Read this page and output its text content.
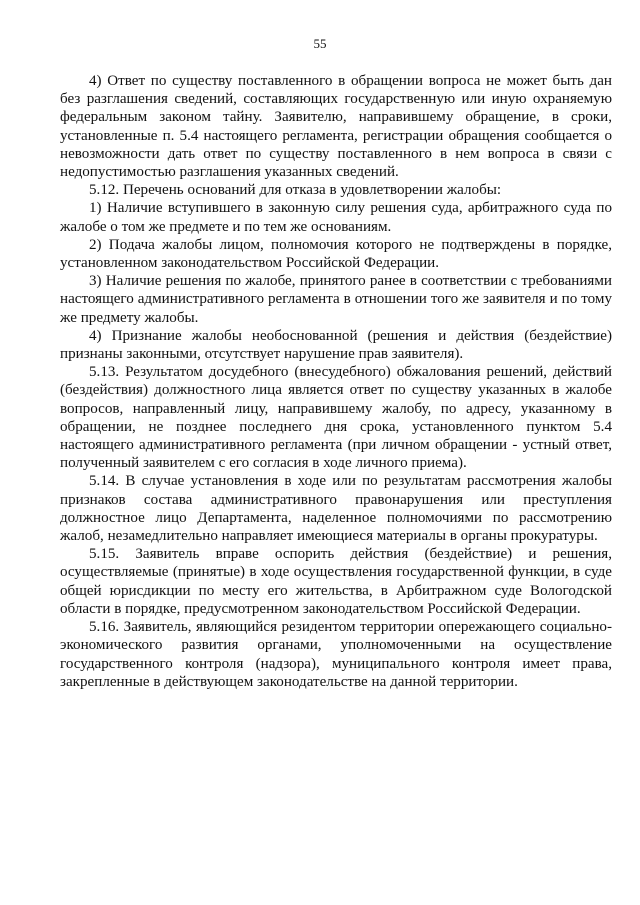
55

4) Ответ по существу поставленного в обращении вопроса не может быть дан без разглашения сведений, составляющих государственную или иную охраняемую федеральным законом тайну. Заявителю, направившему обращение, в сроки, установленные п. 5.4 настоящего регламента, регистрации обращения сообщается о невозможности дать ответ по существу поставленного в нем вопроса в связи с недопустимостью разглашения указанных сведений.

5.12. Перечень оснований для отказа в удовлетворении жалобы:

1) Наличие вступившего в законную силу решения суда, арбитражного суда по жалобе о том же предмете и по тем же основаниям.

2) Подача жалобы лицом, полномочия которого не подтверждены в порядке, установленном законодательством Российской Федерации.

3) Наличие решения по жалобе, принятого ранее в соответствии с требованиями настоящего административного регламента в отношении того же заявителя и по тому же предмету жалобы.

4) Признание жалобы необоснованной (решения и действия (бездействие) признаны законными, отсутствует нарушение прав заявителя).

5.13. Результатом досудебного (внесудебного) обжалования решений, действий (бездействия) должностного лица является ответ по существу указанных в жалобе вопросов, направленный лицу, направившему жалобу, по адресу, указанному в обращении, не позднее последнего дня срока, установленного пунктом 5.4 настоящего административного регламента (при личном обращении - устный ответ, полученный заявителем с его согласия в ходе личного приема).

5.14. В случае установления в ходе или по результатам рассмотрения жалобы признаков состава административного правонарушения или преступления должностное лицо Департамента, наделенное полномочиями по рассмотрению жалоб, незамедлительно направляет имеющиеся материалы в органы прокуратуры.

5.15. Заявитель вправе оспорить действия (бездействие) и решения, осуществляемые (принятые) в ходе осуществления государственной функции, в суде общей юрисдикции по месту его жительства, в Арбитражном суде Вологодской области в порядке, предусмотренном законодательством Российской Федерации.

5.16. Заявитель, являющийся резидентом территории опережающего социально-экономического развития органами, уполномоченными на осуществление государственного контроля (надзора), муниципального контроля имеет права, закрепленные в действующем законодательстве на данной территории.
